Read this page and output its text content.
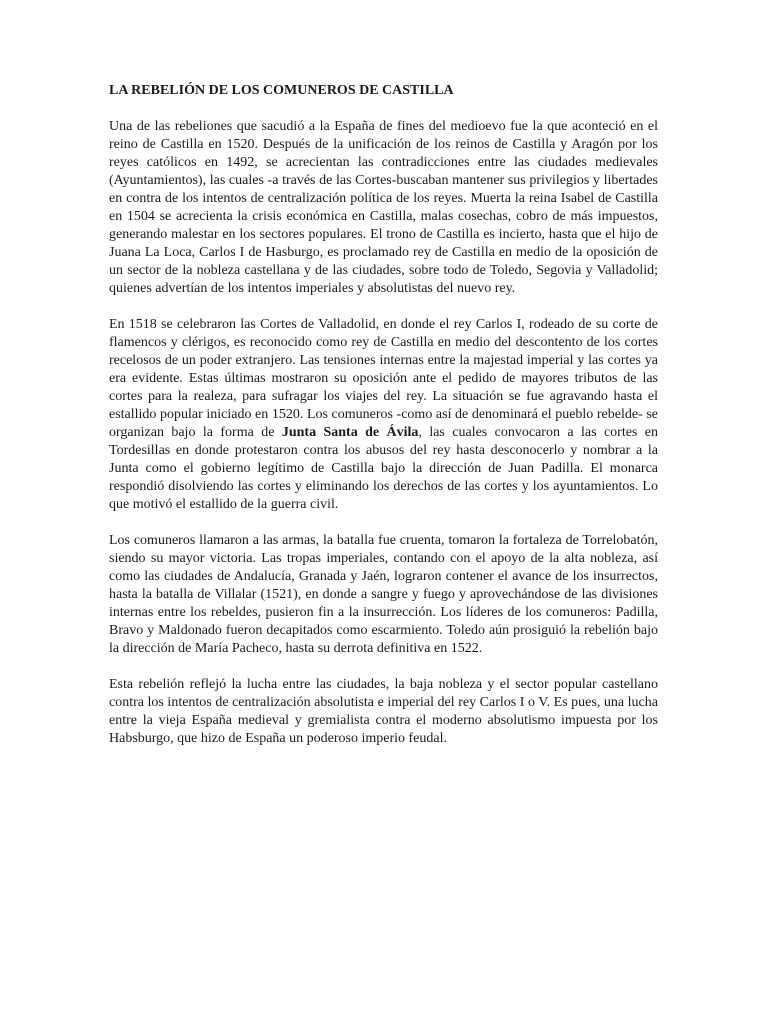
LA REBELIÓN DE LOS COMUNEROS DE CASTILLA

Una de las rebeliones que sacudió a la España de fines del medioevo fue la que aconteció en el reino de Castilla en 1520. Después de la unificación de los reinos de Castilla y Aragón por los reyes católicos en 1492, se acrecientan las contradicciones entre las ciudades medievales (Ayuntamientos), las cuales -a través de las Cortes-buscaban mantener sus privilegios y libertades en contra de los intentos de centralización política de los reyes. Muerta la reina Isabel de Castilla en 1504 se acrecienta la crisis económica en Castilla, malas cosechas, cobro de más impuestos, generando malestar en los sectores populares. El trono de Castilla es incierto, hasta que el hijo de Juana La Loca, Carlos I de Hasburgo, es proclamado rey de Castilla en medio de la oposición de un sector de la nobleza castellana y de las ciudades, sobre todo de Toledo, Segovia y Valladolid; quienes advertían de los intentos imperiales y absolutistas del nuevo rey.

En 1518 se celebraron las Cortes de Valladolid, en donde el rey Carlos I, rodeado de su corte de flamencos y clérigos, es reconocido como rey de Castilla en medio del descontento de los cortes recelosos de un poder extranjero. Las tensiones internas entre la majestad imperial y las cortes ya era evidente. Estas últimas mostraron su oposición ante el pedido de mayores tributos de las cortes para la realeza, para sufragar los viajes del rey. La situación se fue agravando hasta el estallido popular iniciado en 1520. Los comuneros -como así de denominará el pueblo rebelde- se organizan bajo la forma de Junta Santa de Ávila, las cuales convocaron a las cortes en Tordesillas en donde protestaron contra los abusos del rey hasta desconocerlo y nombrar a la Junta como el gobierno legítimo de Castilla bajo la dirección de Juan Padilla. El monarca respondió disolviendo las cortes y eliminando los derechos de las cortes y los ayuntamientos. Lo que motivó el estallido de la guerra civil.

Los comuneros llamaron a las armas, la batalla fue cruenta, tomaron la fortaleza de Torrelobatón, siendo su mayor victoria. Las tropas imperiales, contando con el apoyo de la alta nobleza, así como las ciudades de Andalucía, Granada y Jaén, lograron contener el avance de los insurrectos, hasta la batalla de Villalar (1521), en donde a sangre y fuego y aprovechándose de las divisiones internas entre los rebeldes, pusieron fin a la insurrección. Los líderes de los comuneros: Padilla, Bravo y Maldonado fueron decapitados como escarmiento. Toledo aún prosiguió la rebelión bajo la dirección de María Pacheco, hasta su derrota definitiva en 1522.

Esta rebelión reflejó la lucha entre las ciudades, la baja nobleza y el sector popular castellano contra los intentos de centralización absolutista e imperial del rey Carlos I o V. Es pues, una lucha entre la vieja España medieval y gremialista contra el moderno absolutismo impuesta por los Habsburgo, que hizo de España un poderoso imperio feudal.
